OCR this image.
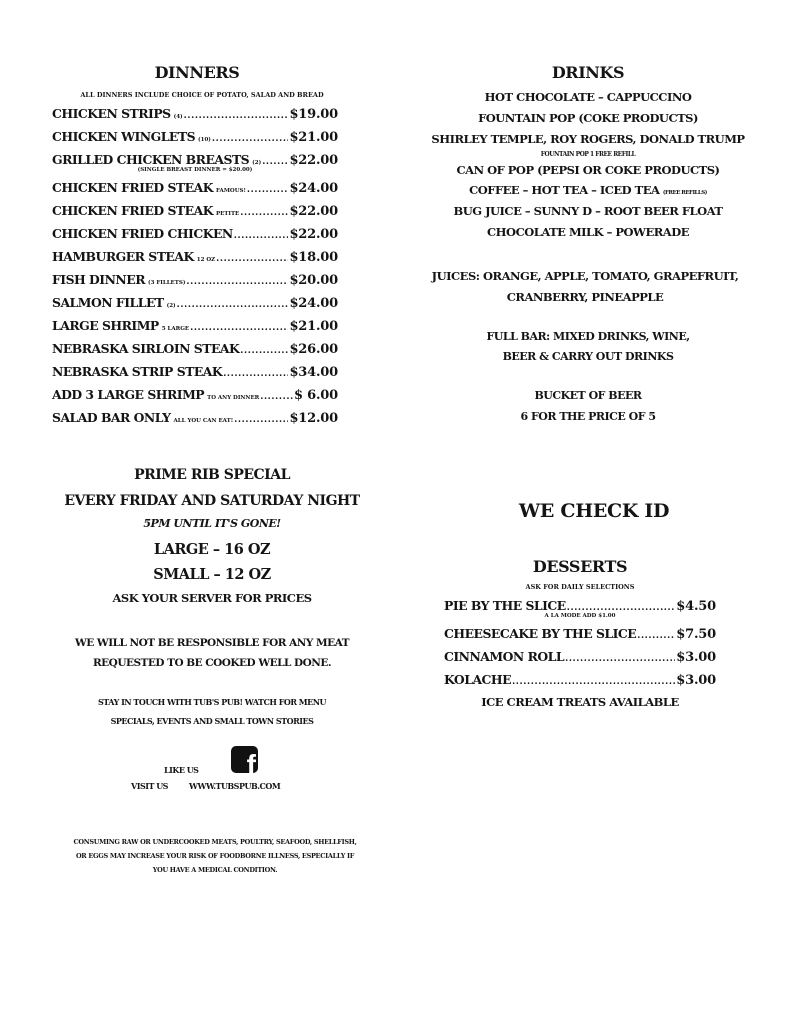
DINNERS
ALL DINNERS INCLUDE CHOICE OF POTATO, SALAD AND BREAD
CHICKEN STRIPS (4) .....	$19.00
CHICKEN WINGLETS (10) .....	$21.00
GRILLED CHICKEN BREASTS (2) ..... $22.00
(SINGLE BREAST DINNER = $20.00)
CHICKEN FRIED STEAK FAMOUS! .....	$24.00
CHICKEN FRIED STEAK PETITE .....	$22.00
CHICKEN FRIED CHICKEN .....	$22.00
HAMBURGER STEAK 12 OZ .....	$18.00
FISH DINNER (3 FILLETS) .....	$20.00
SALMON FILLET (2) .....	$24.00
LARGE SHRIMP 5 LARGE .....	$21.00
NEBRASKA SIRLOIN STEAK .....	$26.00
NEBRASKA STRIP STEAK .....	$34.00
ADD 3 LARGE SHRIMP TO ANY DINNER .....	$ 6.00
SALAD BAR ONLY ALL YOU CAN EAT! .....	$12.00
PRIME RIB SPECIAL
EVERY FRIDAY AND SATURDAY NIGHT
5PM UNTIL IT'S GONE!
LARGE – 16 OZ
SMALL – 12 OZ
ASK YOUR SERVER FOR PRICES
WE WILL NOT BE RESPONSIBLE FOR ANY MEAT
REQUESTED TO BE COOKED WELL DONE.
STAY IN TOUCH WITH TUB'S PUB! WATCH FOR MENU
SPECIALS, EVENTS AND SMALL TOWN STORIES
LIKE US f
VISIT US	WWW.TUBSPUB.COM
CONSUMING RAW OR UNDERCOOKED MEATS, POULTRY, SEAFOOD, SHELLFISH,
OR EGGS MAY INCREASE YOUR RISK OF FOODBORNE ILLNESS, ESPECIALLY IF
YOU HAVE A MEDICAL CONDITION.
DRINKS
HOT CHOCOLATE – CAPPUCCINO
FOUNTAIN POP (COKE PRODUCTS)
SHIRLEY TEMPLE, ROY ROGERS, DONALD TRUMP
FOUNTAIN POP 1 FREE REFILL
CAN OF POP (PEPSI OR COKE PRODUCTS)
COFFEE – HOT TEA – ICED TEA (FREE REFILLS)
BUG JUICE – SUNNY D – ROOT BEER FLOAT
CHOCOLATE MILK – POWERADE
JUICES: ORANGE, APPLE, TOMATO, GRAPEFRUIT,
CRANBERRY, PINEAPPLE
FULL BAR: MIXED DRINKS, WINE,
BEER & CARRY OUT DRINKS
BUCKET OF BEER
6 FOR THE PRICE OF 5
WE CHECK ID
DESSERTS
ASK FOR DAILY SELECTIONS
PIE BY THE SLICE .....	$4.50
A LA MODE ADD $1.00
CHEESECAKE BY THE SLICE .....	$7.50
CINNAMON ROLL .....	$3.00
KOLACHE .....	$3.00
ICE CREAM TREATS AVAILABLE
